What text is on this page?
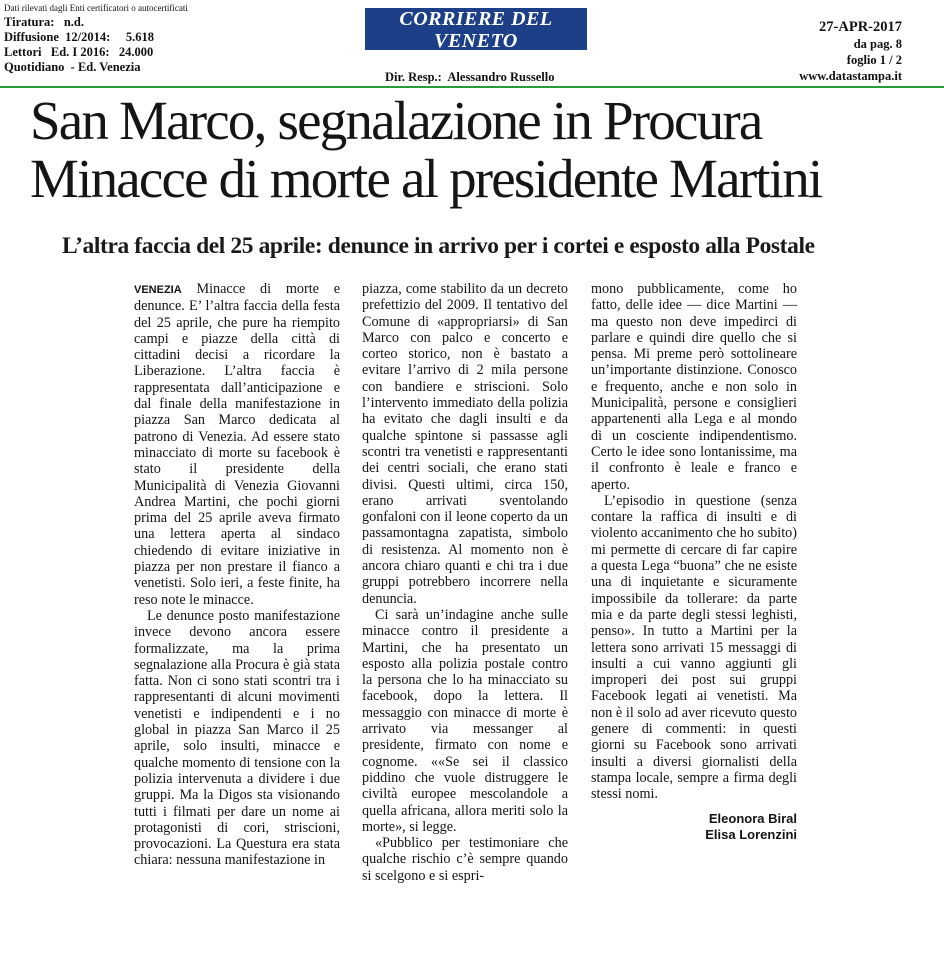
Dati rilevati dagli Enti certificatori o autocertificati
Tiratura:   n.d.
Diffusione  12/2014:     5.618
Lettori   Ed. I 2016:   24.000
Quotidiano  - Ed. Venezia
CORRIERE DEL VENETO
VENEZIA E MESTRE
Dir. Resp.:  Alessandro Russello
27-APR-2017
da pag. 8
foglio 1 / 2
www.datastampa.it
San Marco, segnalazione in Procura
Minacce di morte al presidente Martini
L’altra faccia del 25 aprile: denunce in arrivo per i cortei e esposto alla Postale

VENEZIA Minacce di morte e denunce. E’ l’altra faccia della festa del 25 aprile, che pure ha riempito campi e piazze della città di cittadini decisi a ricordare la Liberazione. L’altra faccia è rappresentata dall’anticipazione e dal finale della manifestazione in piazza San Marco dedicata al patrono di Venezia. Ad essere stato minacciato di morte su facebook è stato il presidente della Municipalità di Venezia Giovanni Andrea Martini, che pochi giorni prima del 25 aprile aveva firmato una lettera aperta al sindaco chiedendo di evitare iniziative in piazza per non prestare il fianco a venetisti. Solo ieri, a feste finite, ha reso note le minacce.

Le denunce posto manifestazione invece devono ancora essere formalizzate, ma la prima segnalazione alla Procura è già stata fatta. Non ci sono stati scontri tra i rappresentanti di alcuni movimenti venetisti e indipendenti e i no global in piazza San Marco il 25 aprile, solo insulti, minacce e qualche momento di tensione con la polizia intervenuta a dividere i due gruppi. Ma la Digos sta visionando tutti i filmati per dare un nome ai protagonisti di cori, striscioni, provocazioni. La Questura era stata chiara: nessuna manifestazione in

piazza, come stabilito da un decreto prefettizio del 2009. Il tentativo del Comune di «appropriarsi» di San Marco con palco e concerto e corteo storico, non è bastato a evitare l’arrivo di 2 mila persone con bandiere e striscioni. Solo l’intervento immediato della polizia ha evitato che dagli insulti e da qualche spintone si passasse agli scontri tra venetisti e rappresentanti dei centri sociali, che erano stati divisi. Questi ultimi, circa 150, erano arrivati sventolando gonfaloni con il leone coperto da un passamontagna zapatista, simbolo di resistenza. Al momento non è ancora chiaro quanti e chi tra i due gruppi potrebbero incorrere nella denuncia.

Ci sarà un’indagine anche sulle minacce contro il presidente a Martini, che ha presentato un esposto alla polizia postale contro la persona che lo ha minacciato su facebook, dopo la lettera. Il messaggio con minacce di morte è arrivato via messanger al presidente, firmato con nome e cognome. ««Se sei il classico piddino che vuole distruggere le civiltà europee mescolandole a quella africana, allora meriti solo la morte», si legge.

«Pubblico per testimoniare che qualche rischio c’è sempre quando si scelgono e si espri-

mono pubblicamente, come ho fatto, delle idee — dice Martini — ma questo non deve impedirci di parlare e quindi dire quello che si pensa. Mi preme però sottolineare un’importante distinzione. Conosco e frequento, anche e non solo in Municipalità, persone e consiglieri appartenenti alla Lega e al mondo di un cosciente indipendentismo. Certo le idee sono lontanissime, ma il confronto è leale e franco e aperto.

L’episodio in questione (senza contare la raffica di insulti e di violento accanimento che ho subito) mi permette di cercare di far capire a questa Lega “buona” che ne esiste una di inquietante e sicuramente impossibile da tollerare: da parte mia e da parte degli stessi leghisti, penso». In tutto a Martini per la lettera sono arrivati 15 messaggi di insulti a cui vanno aggiunti gli improperi dei post sui gruppi Facebook legati ai venetisti. Ma non è il solo ad aver ricevuto questo genere di commenti: in questi giorni su Facebook sono arrivati insulti a diversi giornalisti della stampa locale, sempre a firma degli stessi nomi.

Eleonora Biral
Elisa Lorenzini
